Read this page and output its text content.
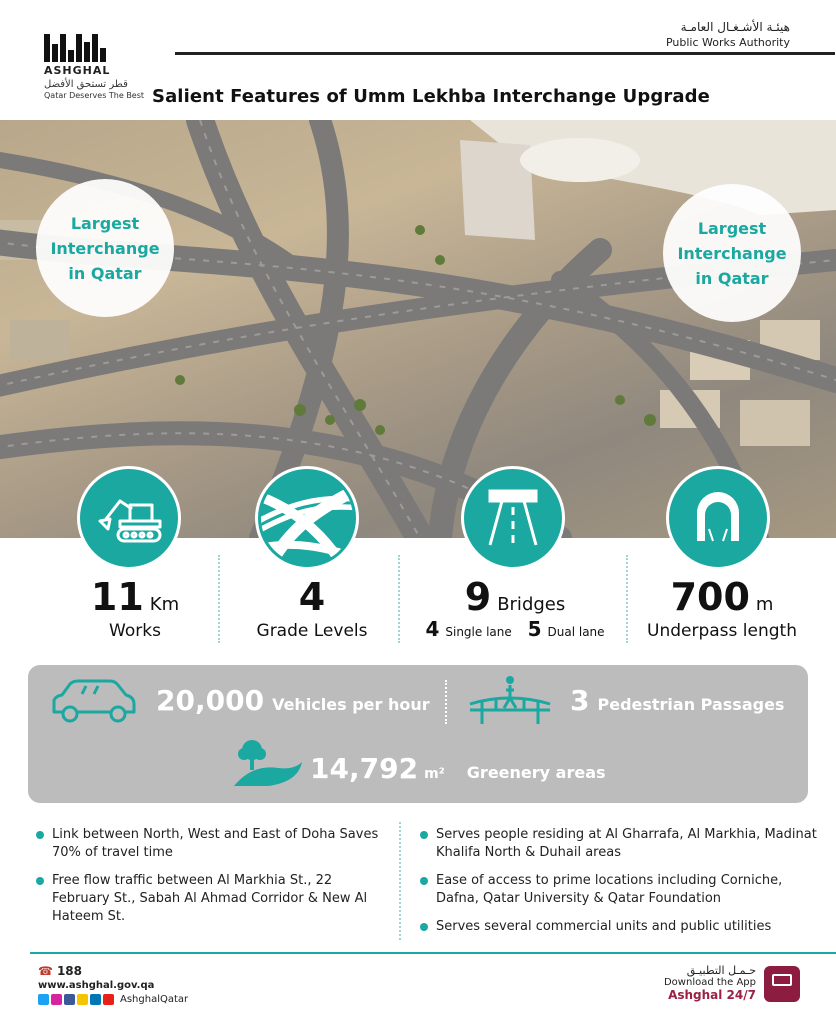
ASHGHAL
قطر تستحق الأفضل
Qatar Deserves The Best
هيئـة الأشـغـال العامـة
Public Works Authority
Salient Features of Umm Lekhba Interchange Upgrade
Largest
Interchange
in Qatar
Largest
Interchange
in Qatar
11 Km
Works
4
Grade Levels
9 Bridges
4 Single lane 5 Dual lane
700 m
Underpass length
20,000 Vehicles per hour	3 Pedestrian Passages
14,792 m² Greenery areas
Link between North, West and East of Doha Saves 70% of travel time
Free flow traffic between Al Markhia St., 22 February St., Sabah Al Ahmad Corridor & New Al Hateem St.
Serves people residing at Al Gharrafa, Al Markhia, Madinat Khalifa North & Duhail areas
Ease of access to prime locations including Corniche, Dafna, Qatar University & Qatar Foundation
Serves several commercial units and public utilities
☎ 188
www.ashghal.gov.qa
AshghalQatar
حـمـل التطبيـق
Download the App
Ashghal 24/7
